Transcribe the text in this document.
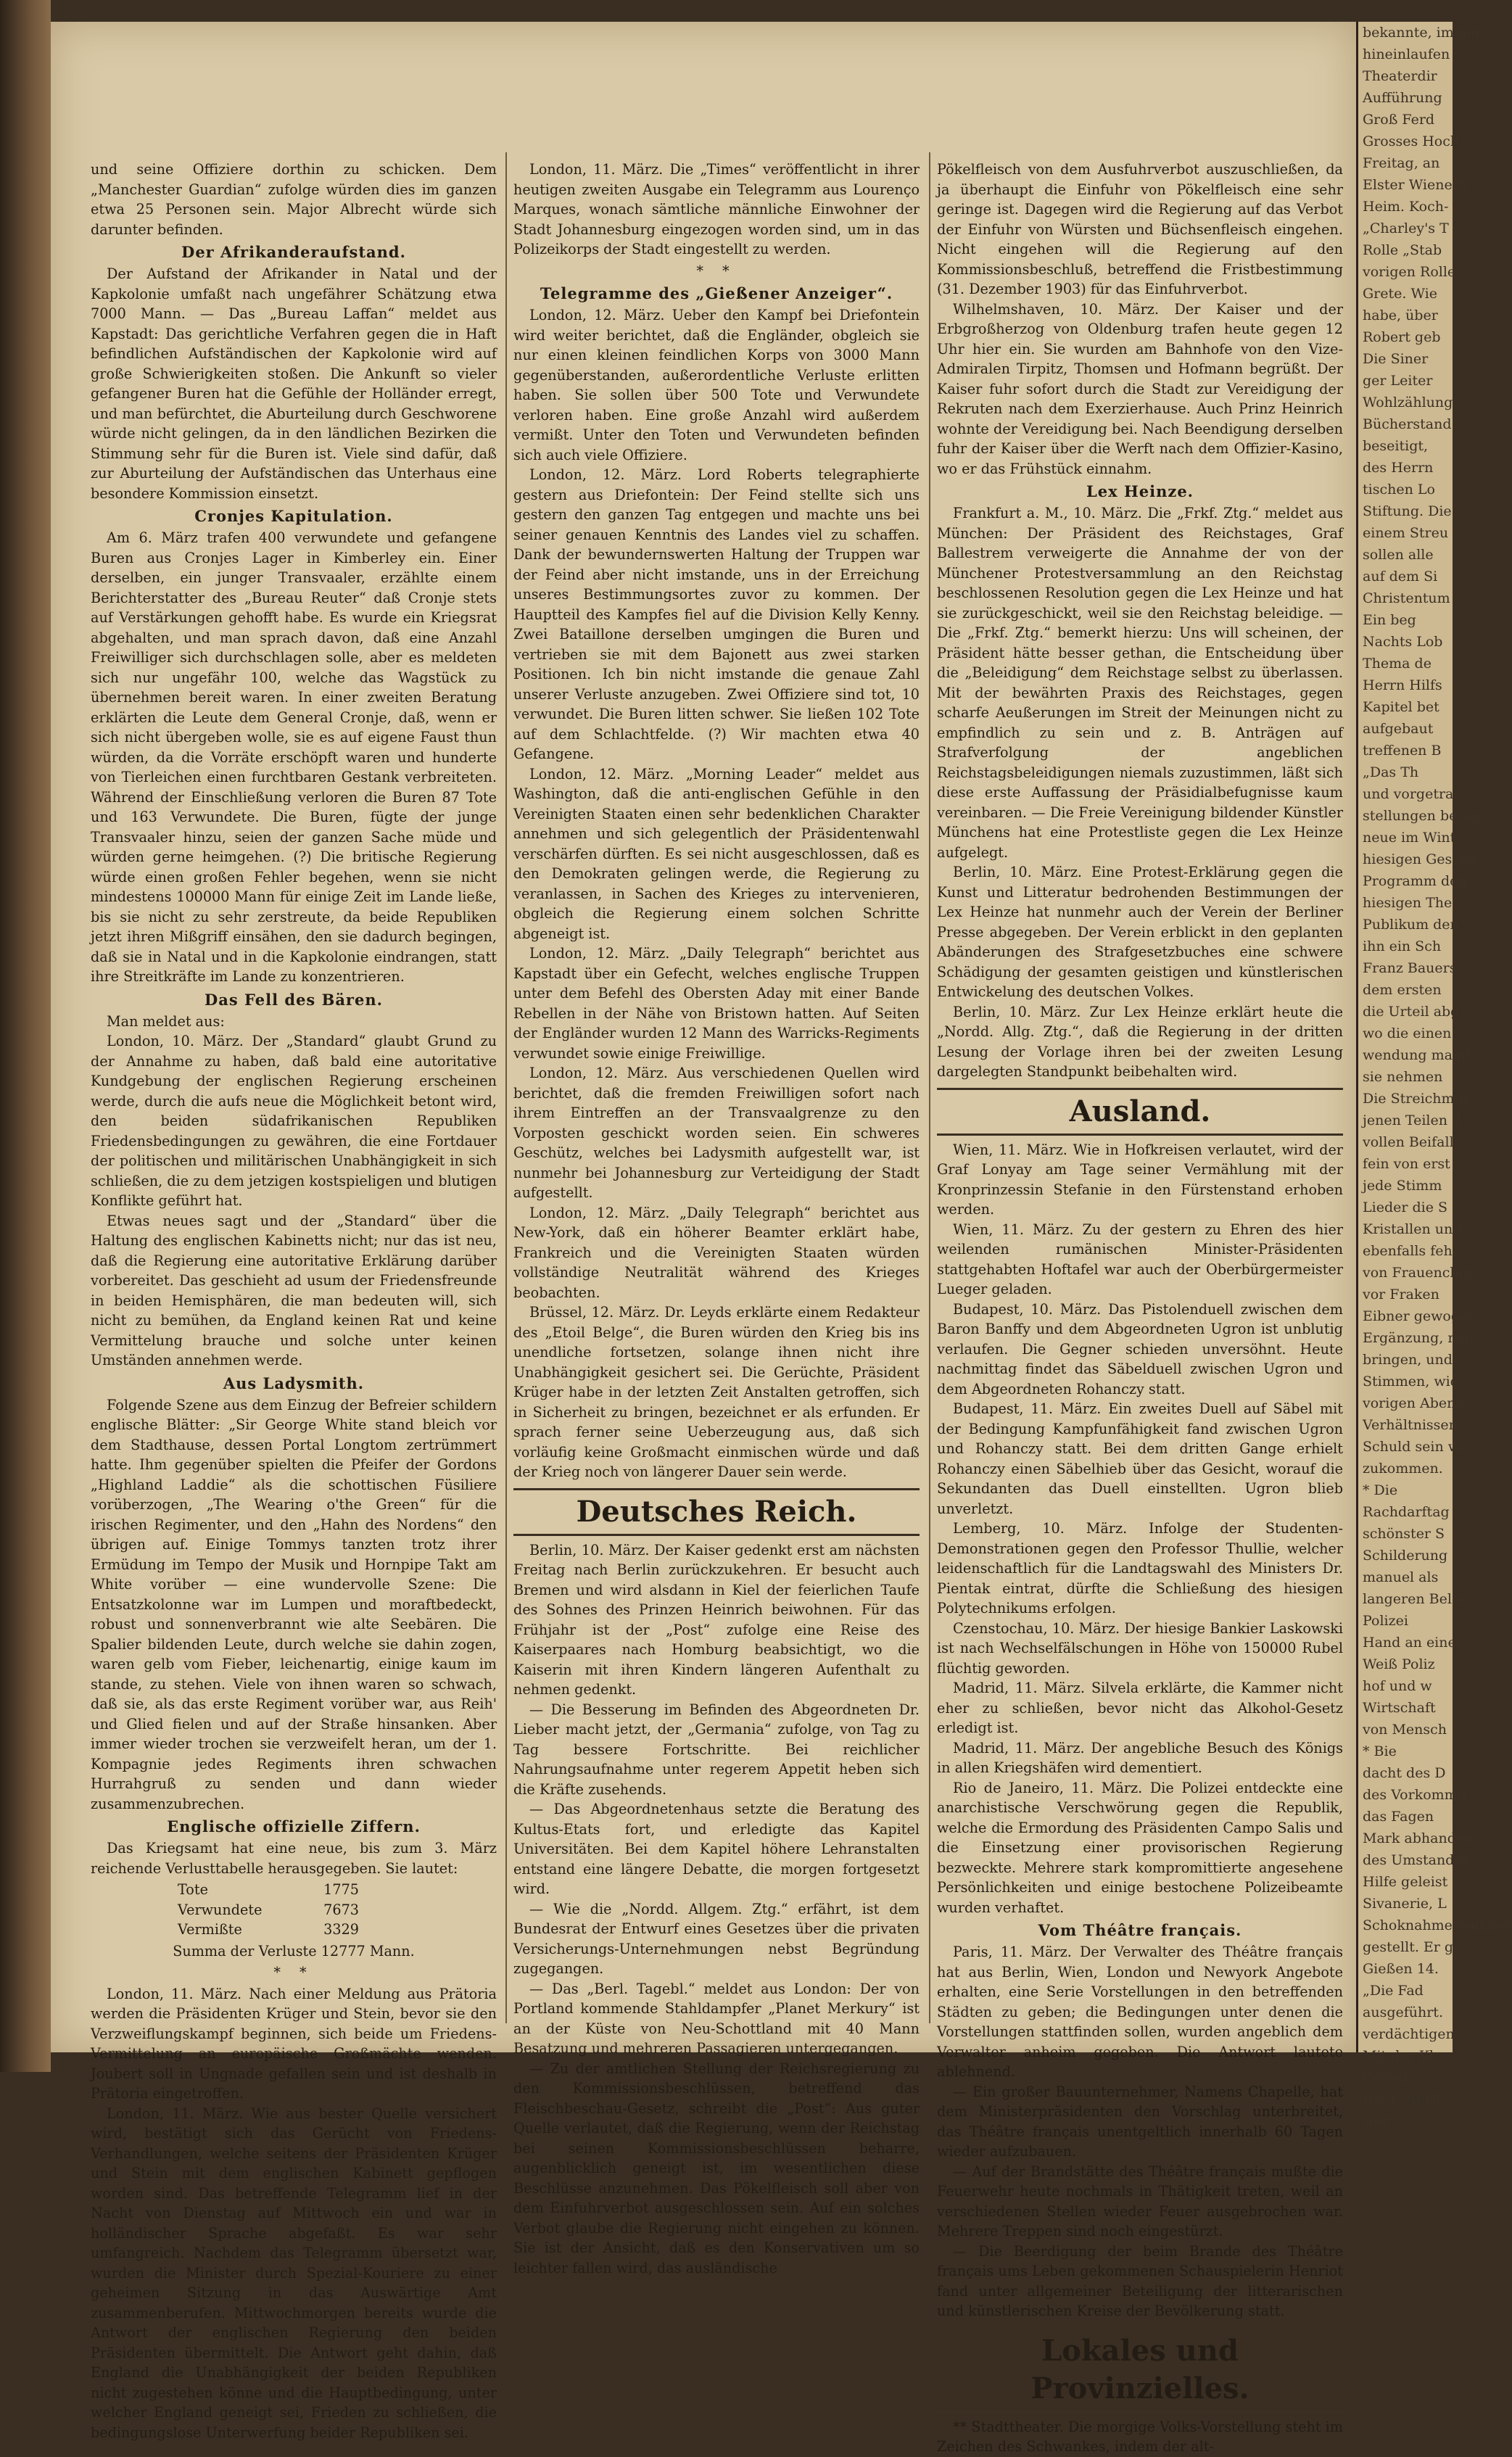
und seine Offiziere dorthin zu schicken. Dem „Manchester Guardian“ zufolge würden dies im ganzen etwa 25 Personen sein. Major Albrecht würde sich darunter befinden.

Der Afrikanderaufstand.

Der Aufstand der Afrikander in Natal und der Kapkolonie umfaßt nach ungefährer Schätzung etwa 7000 Mann. — Das „Bureau Laffan“ meldet aus Kapstadt: Das gerichtliche Verfahren gegen die in Haft befindlichen Aufständischen der Kapkolonie wird auf große Schwierigkeiten stoßen. Die Ankunft so vieler gefangener Buren hat die Gefühle der Holländer erregt, und man befürchtet, die Aburteilung durch Geschworene würde nicht gelingen, da in den ländlichen Bezirken die Stimmung sehr für die Buren ist. Viele sind dafür, daß zur Aburteilung der Aufständischen das Unterhaus eine besondere Kommission einsetzt.

Cronjes Kapitulation.

Am 6. März trafen 400 verwundete und gefangene Buren aus Cronjes Lager in Kimberley ein. Einer derselben, ein junger Transvaaler, erzählte einem Berichterstatter des „Bureau Reuter“ daß Cronje stets auf Verstärkungen gehofft habe. Es wurde ein Kriegsrat abgehalten, und man sprach davon, daß eine Anzahl Freiwilliger sich durchschlagen solle, aber es meldeten sich nur ungefähr 100, welche das Wagstück zu übernehmen bereit waren. In einer zweiten Beratung erklärten die Leute dem General Cronje, daß, wenn er sich nicht übergeben wolle, sie es auf eigene Faust thun würden, da die Vorräte erschöpft waren und hunderte von Tierleichen einen furchtbaren Gestank verbreiteten. Während der Einschließung verloren die Buren 87 Tote und 163 Verwundete. Die Buren, fügte der junge Transvaaler hinzu, seien der ganzen Sache müde und würden gerne heimgehen. (?) Die britische Regierung würde einen großen Fehler begehen, wenn sie nicht mindestens 100000 Mann für einige Zeit im Lande ließe, bis sie nicht zu sehr zerstreute, da beide Republiken jetzt ihren Mißgriff einsähen, den sie dadurch begingen, daß sie in Natal und in die Kapkolonie eindrangen, statt ihre Streitkräfte im Lande zu konzentrieren.

Das Fell des Bären.

Man meldet aus:

London, 10. März. Der „Standard“ glaubt Grund zu der Annahme zu haben, daß bald eine autoritative Kundgebung der englischen Regierung erscheinen werde, durch die aufs neue die Möglichkeit betont wird, den beiden südafrikanischen Republiken Friedensbedingungen zu gewähren, die eine Fortdauer der politischen und militärischen Unabhängigkeit in sich schließen, die zu dem jetzigen kostspieligen und blutigen Konflikte geführt hat.

Etwas neues sagt und der „Standard“ über die Haltung des englischen Kabinetts nicht; nur das ist neu, daß die Regierung eine autoritative Erklärung darüber vorbereitet. Das geschieht ad usum der Friedensfreunde in beiden Hemisphären, die man bedeuten will, sich nicht zu bemühen, da England keinen Rat und keine Vermittelung brauche und solche unter keinen Umständen annehmen werde.

Aus Ladysmith.

Folgende Szene aus dem Einzug der Befreier schildern englische Blätter: „Sir George White stand bleich vor dem Stadthause, dessen Portal Longtom zertrümmert hatte. Ihm gegenüber spielten die Pfeifer der Gordons „Highland Laddie“ als die schottischen Füsiliere vorüberzogen, „The Wearing o'the Green“ für die irischen Regimenter, und den „Hahn des Nordens“ den übrigen auf. Einige Tommys tanzten trotz ihrer Ermüdung im Tempo der Musik und Hornpipe Takt am White vorüber — eine wundervolle Szene: Die Entsatzkolonne war im Lumpen und moraftbedeckt, robust und sonnenverbrannt wie alte Seebären. Die Spalier bildenden Leute, durch welche sie dahin zogen, waren gelb vom Fieber, leichenartig, einige kaum im stande, zu stehen. Viele von ihnen waren so schwach, daß sie, als das erste Regiment vorüber war, aus Reih' und Glied fielen und auf der Straße hinsanken. Aber immer wieder trochen sie verzweifelt heran, um der 1. Kompagnie jedes Regiments ihren schwachen Hurrahgruß zu senden und dann wieder zusammenzubrechen.

Englische offizielle Ziffern.

Das Kriegsamt hat eine neue, bis zum 3. März reichende Verlusttabelle herausgegeben. Sie lautet:

Tote	1775
Verwundete	7673
Vermißte	3329

Summa der Verluste 12777 Mann.

* *

London, 11. März. Nach einer Meldung aus Prätoria werden die Präsidenten Krüger und Stein, bevor sie den Verzweiflungskampf beginnen, sich beide um Friedens-Vermittelung an europäische Großmächte wenden. Joubert soll in Ungnade gefallen sein und ist deshalb in Prätoria eingetroffen.

London, 11. März. Wie aus bester Quelle versichert wird, bestätigt sich das Gerücht von Friedens-Verhandlungen, welche seitens der Präsidenten Krüger und Stein mit dem englischen Kabinett gepflogen worden sind. Das betreffende Telegramm lief in der Nacht von Dienstag auf Mittwoch ein und war in holländischer Sprache abgefaßt. Es war sehr umfangreich. Nachdem das Telegramm übersetzt war, wurden die Minister durch Spezial-Kouriere zu einer geheimen Sitzung in das Auswärtige Amt zusammenberufen. Mittwochmorgen bereits wurde die Antwort der englischen Regierung den beiden Präsidenten übermittelt. Die Antwort geht dahin, daß England die Unabhängigkeit der beiden Republiken nicht zugestehen könne und die Hauptbedingung, unter welcher England geneigt sei, Frieden zu schließen, die bedingungslose Unterwerfung beider Republiken sei.

London, 11. März. Die „Times“ veröffentlicht in ihrer heutigen zweiten Ausgabe ein Telegramm aus Lourenço Marques, wonach sämtliche männliche Einwohner der Stadt Johannesburg eingezogen worden sind, um in das Polizeikorps der Stadt eingestellt zu werden.

* *
Telegramme des „Gießener Anzeiger“.

London, 12. März. Ueber den Kampf bei Driefontein wird weiter berichtet, daß die Engländer, obgleich sie nur einen kleinen feindlichen Korps von 3000 Mann gegenüberstanden, außerordentliche Verluste erlitten haben. Sie sollen über 500 Tote und Verwundete verloren haben. Eine große Anzahl wird außerdem vermißt. Unter den Toten und Verwundeten befinden sich auch viele Offiziere.

London, 12. März. Lord Roberts telegraphierte gestern aus Driefontein: Der Feind stellte sich uns gestern den ganzen Tag entgegen und machte uns bei seiner genauen Kenntnis des Landes viel zu schaffen. Dank der bewundernswerten Haltung der Truppen war der Feind aber nicht imstande, uns in der Erreichung unseres Bestimmungsortes zuvor zu kommen. Der Hauptteil des Kampfes fiel auf die Division Kelly Kenny. Zwei Bataillone derselben umgingen die Buren und vertrieben sie mit dem Bajonett aus zwei starken Positionen. Ich bin nicht imstande die genaue Zahl unserer Verluste anzugeben. Zwei Offiziere sind tot, 10 verwundet. Die Buren litten schwer. Sie ließen 102 Tote auf dem Schlachtfelde. (?) Wir machten etwa 40 Gefangene.

London, 12. März. „Morning Leader“ meldet aus Washington, daß die anti-englischen Gefühle in den Vereinigten Staaten einen sehr bedenklichen Charakter annehmen und sich gelegentlich der Präsidentenwahl verschärfen dürften. Es sei nicht ausgeschlossen, daß es den Demokraten gelingen werde, die Regierung zu veranlassen, in Sachen des Krieges zu intervenieren, obgleich die Regierung einem solchen Schritte abgeneigt ist.

London, 12. März. „Daily Telegraph“ berichtet aus Kapstadt über ein Gefecht, welches englische Truppen unter dem Befehl des Obersten Aday mit einer Bande Rebellen in der Nähe von Bristown hatten. Auf Seiten der Engländer wurden 12 Mann des Warricks-Regiments verwundet sowie einige Freiwillige.

London, 12. März. Aus verschiedenen Quellen wird berichtet, daß die fremden Freiwilligen sofort nach ihrem Eintreffen an der Transvaalgrenze zu den Vorposten geschickt worden seien. Ein schweres Geschütz, welches bei Ladysmith aufgestellt war, ist nunmehr bei Johannesburg zur Verteidigung der Stadt aufgestellt.

London, 12. März. „Daily Telegraph“ berichtet aus New-York, daß ein höherer Beamter erklärt habe, Frankreich und die Vereinigten Staaten würden vollständige Neutralität während des Krieges beobachten.

Brüssel, 12. März. Dr. Leyds erklärte einem Redakteur des „Etoil Belge“, die Buren würden den Krieg bis ins unendliche fortsetzen, solange ihnen nicht ihre Unabhängigkeit gesichert sei. Die Gerüchte, Präsident Krüger habe in der letzten Zeit Anstalten getroffen, sich in Sicherheit zu bringen, bezeichnet er als erfunden. Er sprach ferner seine Ueberzeugung aus, daß sich vorläufig keine Großmacht einmischen würde und daß der Krieg noch von längerer Dauer sein werde.

Deutsches Reich.

Berlin, 10. März. Der Kaiser gedenkt erst am nächsten Freitag nach Berlin zurückzukehren. Er besucht auch Bremen und wird alsdann in Kiel der feierlichen Taufe des Sohnes des Prinzen Heinrich beiwohnen. Für das Frühjahr ist der „Post“ zufolge eine Reise des Kaiserpaares nach Homburg beabsichtigt, wo die Kaiserin mit ihren Kindern längeren Aufenthalt zu nehmen gedenkt.

— Die Besserung im Befinden des Abgeordneten Dr. Lieber macht jetzt, der „Germania“ zufolge, von Tag zu Tag bessere Fortschritte. Bei reichlicher Nahrungsaufnahme unter regerem Appetit heben sich die Kräfte zusehends.

— Das Abgeordnetenhaus setzte die Beratung des Kultus-Etats fort, und erledigte das Kapitel Universitäten. Bei dem Kapitel höhere Lehranstalten entstand eine längere Debatte, die morgen fortgesetzt wird.

— Wie die „Nordd. Allgem. Ztg.“ erfährt, ist dem Bundesrat der Entwurf eines Gesetzes über die privaten Versicherungs-Unternehmungen nebst Begründung zugegangen.

— Das „Berl. Tagebl.“ meldet aus London: Der von Portland kommende Stahldampfer „Planet Merkury“ ist an der Küste von Neu-Schottland mit 40 Mann Besatzung und mehreren Passagieren untergegangen.

— Zu der amtlichen Stellung der Reichsregierung zu den Kommissionsbeschlüssen, betreffend das Fleischbeschau-Gesetz, schreibt die „Post“: Aus guter Quelle verlautet, daß die Regierung, wenn der Reichstag bei seinen Kommissionsbeschlüssen beharre, augenblicklich geneigt ist, im wesentlichen diese Beschlüsse anzunehmen. Das Pökelfleisch soll aber von dem Einfuhrverbot ausgeschlossen sein. Auf ein solches Verbot glaube die Regierung nicht eingehen zu können. Sie ist der Ansicht, daß es den Konservativen um so leichter fallen wird, das ausländische

Pökelfleisch von dem Ausfuhrverbot auszuschließen, da ja überhaupt die Einfuhr von Pökelfleisch eine sehr geringe ist. Dagegen wird die Regierung auf das Verbot der Einfuhr von Würsten und Büchsenfleisch eingehen. Nicht eingehen will die Regierung auf den Kommissionsbeschluß, betreffend die Fristbestimmung (31. Dezember 1903) für das Einfuhrverbot.

Wilhelmshaven, 10. März. Der Kaiser und der Erbgroßherzog von Oldenburg trafen heute gegen 12 Uhr hier ein. Sie wurden am Bahnhofe von den Vize-Admiralen Tirpitz, Thomsen und Hofmann begrüßt. Der Kaiser fuhr sofort durch die Stadt zur Vereidigung der Rekruten nach dem Exerzierhause. Auch Prinz Heinrich wohnte der Vereidigung bei. Nach Beendigung derselben fuhr der Kaiser über die Werft nach dem Offizier-Kasino, wo er das Frühstück einnahm.

Lex Heinze.

Frankfurt a. M., 10. März. Die „Frkf. Ztg.“ meldet aus München: Der Präsident des Reichstages, Graf Ballestrem verweigerte die Annahme der von der Münchener Protestversammlung an den Reichstag beschlossenen Resolution gegen die Lex Heinze und hat sie zurückgeschickt, weil sie den Reichstag beleidige. — Die „Frkf. Ztg.“ bemerkt hierzu: Uns will scheinen, der Präsident hätte besser gethan, die Entscheidung über die „Beleidigung“ dem Reichstage selbst zu überlassen. Mit der bewährten Praxis des Reichstages, gegen scharfe Aeußerungen im Streit der Meinungen nicht zu empfindlich zu sein und z. B. Anträgen auf Strafverfolgung der angeblichen Reichstagsbeleidigungen niemals zuzustimmen, läßt sich diese erste Auffassung der Präsidialbefugnisse kaum vereinbaren. — Die Freie Vereinigung bildender Künstler Münchens hat eine Protestliste gegen die Lex Heinze aufgelegt.

Berlin, 10. März. Eine Protest-Erklärung gegen die Kunst und Litteratur bedrohenden Bestimmungen der Lex Heinze hat nunmehr auch der Verein der Berliner Presse abgegeben. Der Verein erblickt in den geplanten Abänderungen des Strafgesetzbuches eine schwere Schädigung der gesamten geistigen und künstlerischen Entwickelung des deutschen Volkes.

Berlin, 10. März. Zur Lex Heinze erklärt heute die „Nordd. Allg. Ztg.“, daß die Regierung in der dritten Lesung der Vorlage ihren bei der zweiten Lesung dargelegten Standpunkt beibehalten wird.

Ausland.

Wien, 11. März. Wie in Hofkreisen verlautet, wird der Graf Lonyay am Tage seiner Vermählung mit der Kronprinzessin Stefanie in den Fürstenstand erhoben werden.

Wien, 11. März. Zu der gestern zu Ehren des hier weilenden rumänischen Minister-Präsidenten stattgehabten Hoftafel war auch der Oberbürgermeister Lueger geladen.

Budapest, 10. März. Das Pistolenduell zwischen dem Baron Banffy und dem Abgeordneten Ugron ist unblutig verlaufen. Die Gegner schieden unversöhnt. Heute nachmittag findet das Säbelduell zwischen Ugron und dem Abgeordneten Rohanczy statt.

Budapest, 11. März. Ein zweites Duell auf Säbel mit der Bedingung Kampfunfähigkeit fand zwischen Ugron und Rohanczy statt. Bei dem dritten Gange erhielt Rohanczy einen Säbelhieb über das Gesicht, worauf die Sekundanten das Duell einstellten. Ugron blieb unverletzt.

Lemberg, 10. März. Infolge der Studenten-Demonstrationen gegen den Professor Thullie, welcher leidenschaftlich für die Landtagswahl des Ministers Dr. Pientak eintrat, dürfte die Schließung des hiesigen Polytechnikums erfolgen.

Czenstochau, 10. März. Der hiesige Bankier Laskowski ist nach Wechselfälschungen in Höhe von 150000 Rubel flüchtig geworden.

Madrid, 11. März. Silvela erklärte, die Kammer nicht eher zu schließen, bevor nicht das Alkohol-Gesetz erledigt ist.

Madrid, 11. März. Der angebliche Besuch des Königs in allen Kriegshäfen wird dementiert.

Rio de Janeiro, 11. März. Die Polizei entdeckte eine anarchistische Verschwörung gegen die Republik, welche die Ermordung des Präsidenten Campo Salis und die Einsetzung einer provisorischen Regierung bezweckte. Mehrere stark kompromittierte angesehene Persönlichkeiten und einige bestochene Polizeibeamte wurden verhaftet.

Vom Théâtre français.

Paris, 11. März. Der Verwalter des Théâtre français hat aus Berlin, Wien, London und Newyork Angebote erhalten, eine Serie Vorstellungen in den betreffenden Städten zu geben; die Bedingungen unter denen die Vorstellungen stattfinden sollen, wurden angeblich dem Verwalter anheim gegeben. Die Antwort lautete ablehnend.

— Ein großer Bauunternehmer, Namens Chapelle, hat dem Ministerpräsidenten den Vorschlag unterbreitet, das Théâtre français unentgeltlich innerhalb 60 Tagen wieder aufzubauen.

— Auf der Brandstätte des Théâtre français mußte die Feuerwehr heute nochmals in Thätigkeit treten, weil an verschiedenen Stellen wieder Feuer ausgebrochen war. Mehrere Treppen sind noch eingestürzt.

— Die Beerdigung der beim Brande des Théâtre français ums Leben gekommenen Schauspielerin Henriot fand unter allgemeiner Beteiligung der litterarischen und künstlerischen Kreise der Bevölkerung statt.

Lokales und Provinzielles.

** Stadttheater. Die morgige Volks-Vorstellung steht im Zeichen des Schwankes, indem der alt-

bekannte, immer

hineinlaufen

Theaterdir

Aufführung

Groß Ferd

Grosses Hoch

Freitag, an

Elster Wienerb

Heim. Koch-

„Charley's T

Rolle „Stab

vorigen Rolle

Grete. Wie

habe, über

Robert geb

Die Siner

ger Leiter

Wohlzählung

Bücherstand.

beseitigt,

des Herrn

tischen Lo

Stiftung. Die

einem Streu

sollen alle

auf dem Si

Christentum

Ein beg

Nachts Lob

Thema de

Herrn Hilfs

Kapitel bet

aufgebaut

treffenen B

„Das Th

und vorgetra

stellungen bereit

neue im Wint

hiesigen Gescha

Programm den

hiesigen Thea

Publikum den

ihn ein Sch

Franz Bauers

dem ersten

die Urteil abg

wo die einen

wendung mamf

sie nehmen

Die Streichmuf

jenen Teilen d

vollen Beifall

fein von erst

jede Stimm

Lieder die S

Kristallen und

ebenfalls fehr

von Frauenchor

vor Fraken

Eibner gewogen

Ergänzung, mel

bringen, und

Stimmen, wie

vorigen Abend

Verhältnissen

Schuld sein wi

zukommen.

* Die

Rachdarftag

schönster S

Schilderung

manuel als

langeren Beleu

Polizei

Hand an einer

Weiß Poliz

hof und w

Wirtschaft

von Mensch

* Bie

dacht des D

des Vorkommn

das Fagen

Mark abhanden

des Umstandes

Hilfe geleist

Sivanerie, L

Schoknahmefondsbol

gestellt. Er g

Gießen 14.

„Die Fad

ausgeführt.

verdächtigen

Mit der Kl

Gelegt.

Bis 1. April

wer
